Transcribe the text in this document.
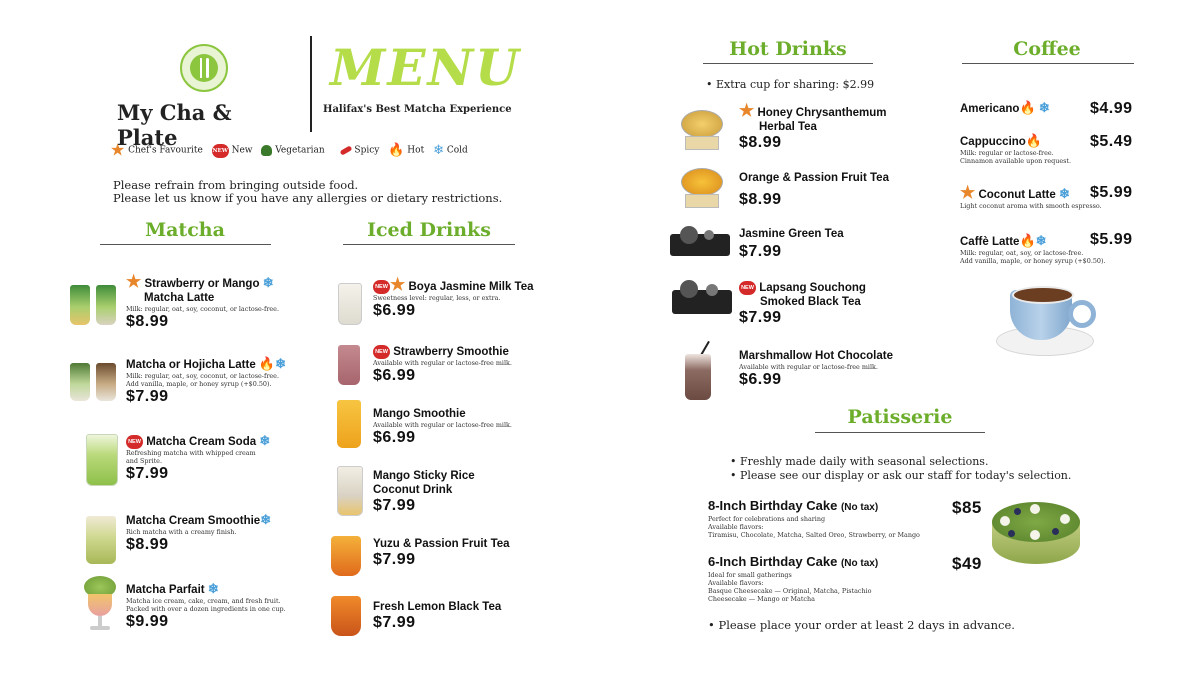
My Cha & Plate
MENU
Halifax's Best Matcha Experience
★ Chef's Favourite NEW New	Vegetarian	Spicy 🔥 Hot ❄ Cold
Please refrain from bringing outside food.
Please let us know if you have any allergies or dietary restrictions.
Matcha
★ Strawberry or Mango ❄
Matcha Latte
Milk: regular, oat, soy, coconut, or lactose-free.
$8.99
Matcha or Hojicha Latte 🔥❄
Milk: regular, oat, soy, coconut, or lactose-free.
Add vanilla, maple, or honey syrup (+$0.50).
$7.99
NEW Matcha Cream Soda ❄
Refreshing matcha with whipped cream
and Sprite.
$7.99
Matcha Cream Smoothie❄
Rich matcha with a creamy finish.
$8.99
Matcha Parfait ❄
Matcha ice cream, cake, cream, and fresh fruit.
Packed with over a dozen ingredients in one cup.
$9.99
Iced Drinks
NEW ★ Boya Jasmine Milk Tea
Sweetness level: regular, less, or extra.
$6.99
NEW Strawberry Smoothie
Available with regular or lactose-free milk.
$6.99
Mango Smoothie
Available with regular or lactose-free milk.
$6.99
Mango Sticky Rice
Coconut Drink
$7.99
Yuzu & Passion Fruit Tea
$7.99
Fresh Lemon Black Tea
$7.99
Hot Drinks
• Extra cup for sharing: $2.99
★ Honey Chrysanthemum
Herbal Tea
$8.99
Orange & Passion Fruit Tea
$8.99
Jasmine Green Tea
$7.99
NEW Lapsang Souchong
Smoked Black Tea
$7.99
Marshmallow Hot Chocolate
Available with regular or lactose-free milk.
$6.99
Coffee
Americano🔥 ❄	$4.99
Cappuccino🔥
Milk: regular or lactose-free.
Cinnamon available upon request.
$5.49
★ Coconut Latte ❄
Light coconut aroma with smooth espresso.
$5.99
Caffè Latte🔥❄
Milk: regular, oat, soy, or lactose-free.
Add vanilla, maple, or honey syrup (+$0.50).
$5.99
Patisserie
• Freshly made daily with seasonal selections.
• Please see our display or ask our staff for today's selection.
8-Inch Birthday Cake (No tax)
Perfect for celebrations and sharing
Available flavors:
Tiramisu, Chocolate, Matcha, Salted Oreo, Strawberry, or Mango
$85
6-Inch Birthday Cake (No tax)
Ideal for small gatherings
Available flavors:
Basque Cheesecake — Original, Matcha, Pistachio
Cheesecake — Mango or Matcha
$49
• Please place your order at least 2 days in advance.
